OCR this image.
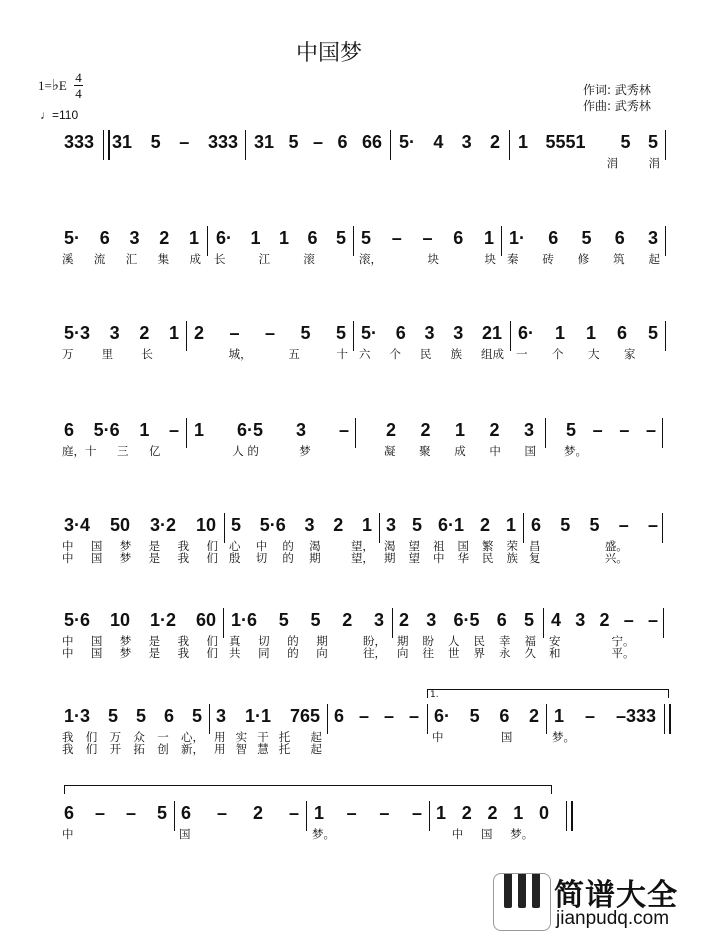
中国梦
1=♭E
4
4
♩=110
作词: 武秀林
作曲: 武秀林
333 31 5 – 333 31 5 – 6 66 5· 4 3 2 1 5551 5 5
涓	涓
5· 6 3 2 1
溪 流 汇 集 成
6· 1 1 6 5
长	江	滚
5 – – 6 1
滚，	块	块
1· 6 5 6 3
秦 砖 修 筑 起
5·3 3 2 1
万 里 长
2 – – 5 5
城，	五	十
5· 6 3 3 21
六 个 民 族 组成
6· 1 1 6 5
一 个 大 家
6 5·6 1 –
庭，十 三 亿
1 6·5 3 –
人 的	梦
2 2 1 2 3
凝 聚 成 中 国
5 – – –
梦。
3·4 50 3·2 10
中 国 梦 是 我 们
中 国 梦 是 我 们
5 5·6 3 2 1
心 中 的 渴	望，
殷 切 的 期	望，
3 5 6·1 2 1
渴 望 祖 国 繁 荣
期 望 中 华 民 族
6 5 5 – –
昌	盛。
复	兴。
5·6 10 1·2 60
中 国 梦 是 我 们
中 国 梦 是 我 们
1·6 5 5 2 3
真 切 的 期	盼，
共 同 的 向	往，
2 3 6·5 6 5
期 盼 人 民 幸 福
向 往 世 界 永 久
4 3 2 – –
安	宁。
和	平。
1·3 5 5 6 5
我 们 万 众 一 心，
我 们 开 拓 创 新，
3 1·1 765
用 实 干 托 起
用 智 慧 托 起
6 – – – 6· 5 6 2
中	国
1 – –333
梦。
6 – – 5
中
6 – 2 –
国
1 – – –
梦。
1 2 2 1 0
中 国 梦。
简谱大全
jianpudq.com
1.
